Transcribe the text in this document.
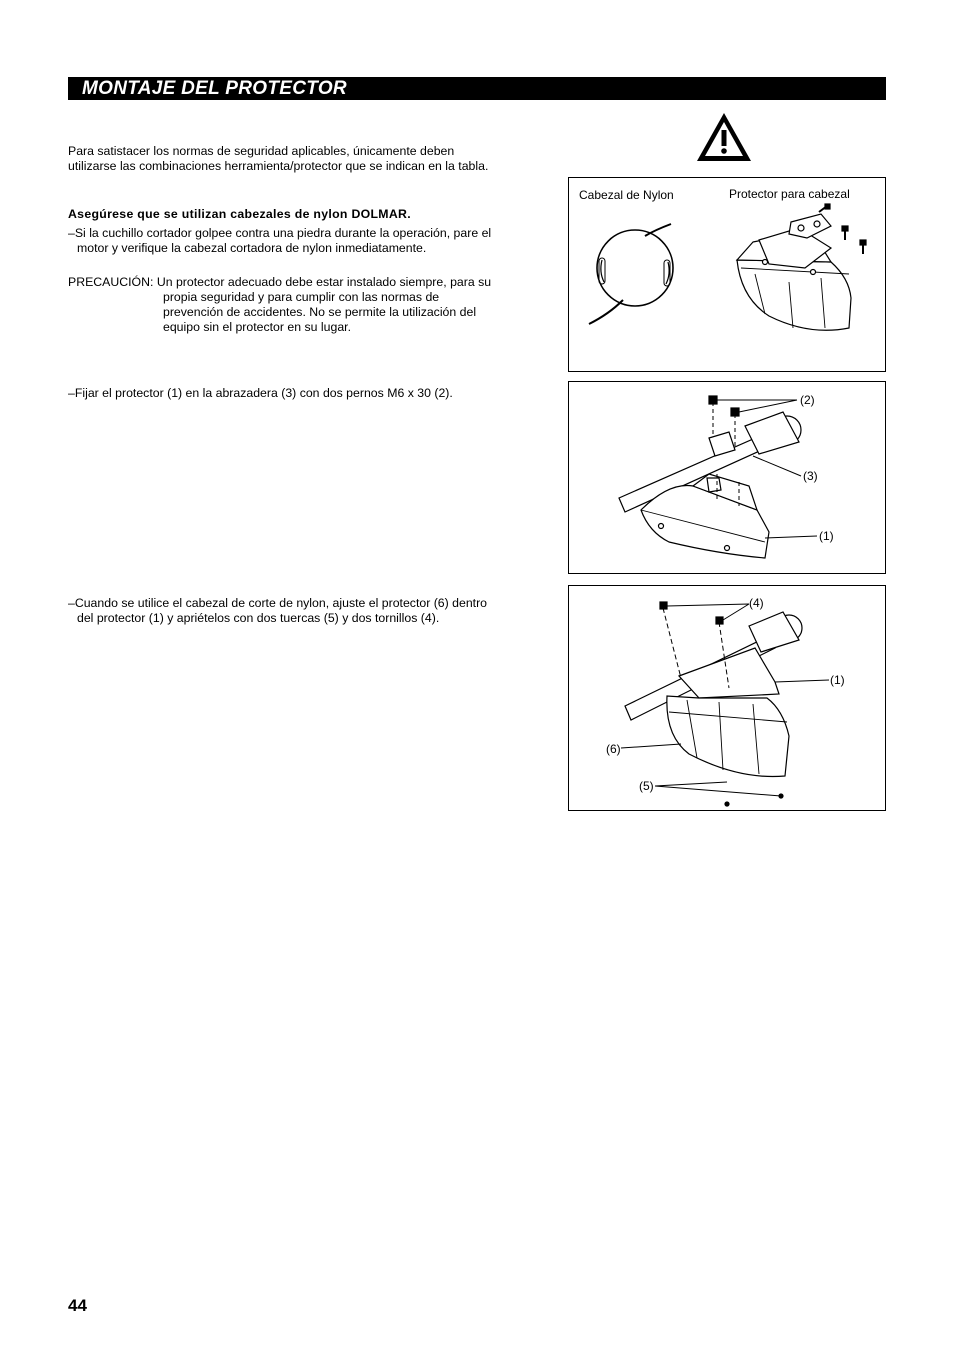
MONTAJE DEL PROTECTOR
Para satistacer los normas de seguridad aplicables, únicamente deben
utilizarse las combinaciones herramienta/protector que se indican en la tabla.
Asegúrese que se utilizan cabezales de nylon DOLMAR.
–Si la cuchillo cortador golpee contra una piedra durante la operación, pare el
motor y verifique la cabezal cortadora de nylon inmediatamente.
PRECAUCIÓN: Un protector adecuado debe estar instalado siempre, para su
propia seguridad y para cumplir con las normas de
prevención de accidentes. No se permite la utilización del
equipo sin el protector en su lugar.
–Fijar el protector (1) en la abrazadera (3) con dos pernos M6 x 30 (2).
–Cuando se utilice el cabezal de corte de nylon, ajuste el protector (6) dentro
del protector (1) y apriételos con dos tuercas (5) y dos tornillos (4).
Cabezal de Nylon	Protector para cabezal
(2)
(3)
(1)
(4)
(1)
(6)
(5)
44
